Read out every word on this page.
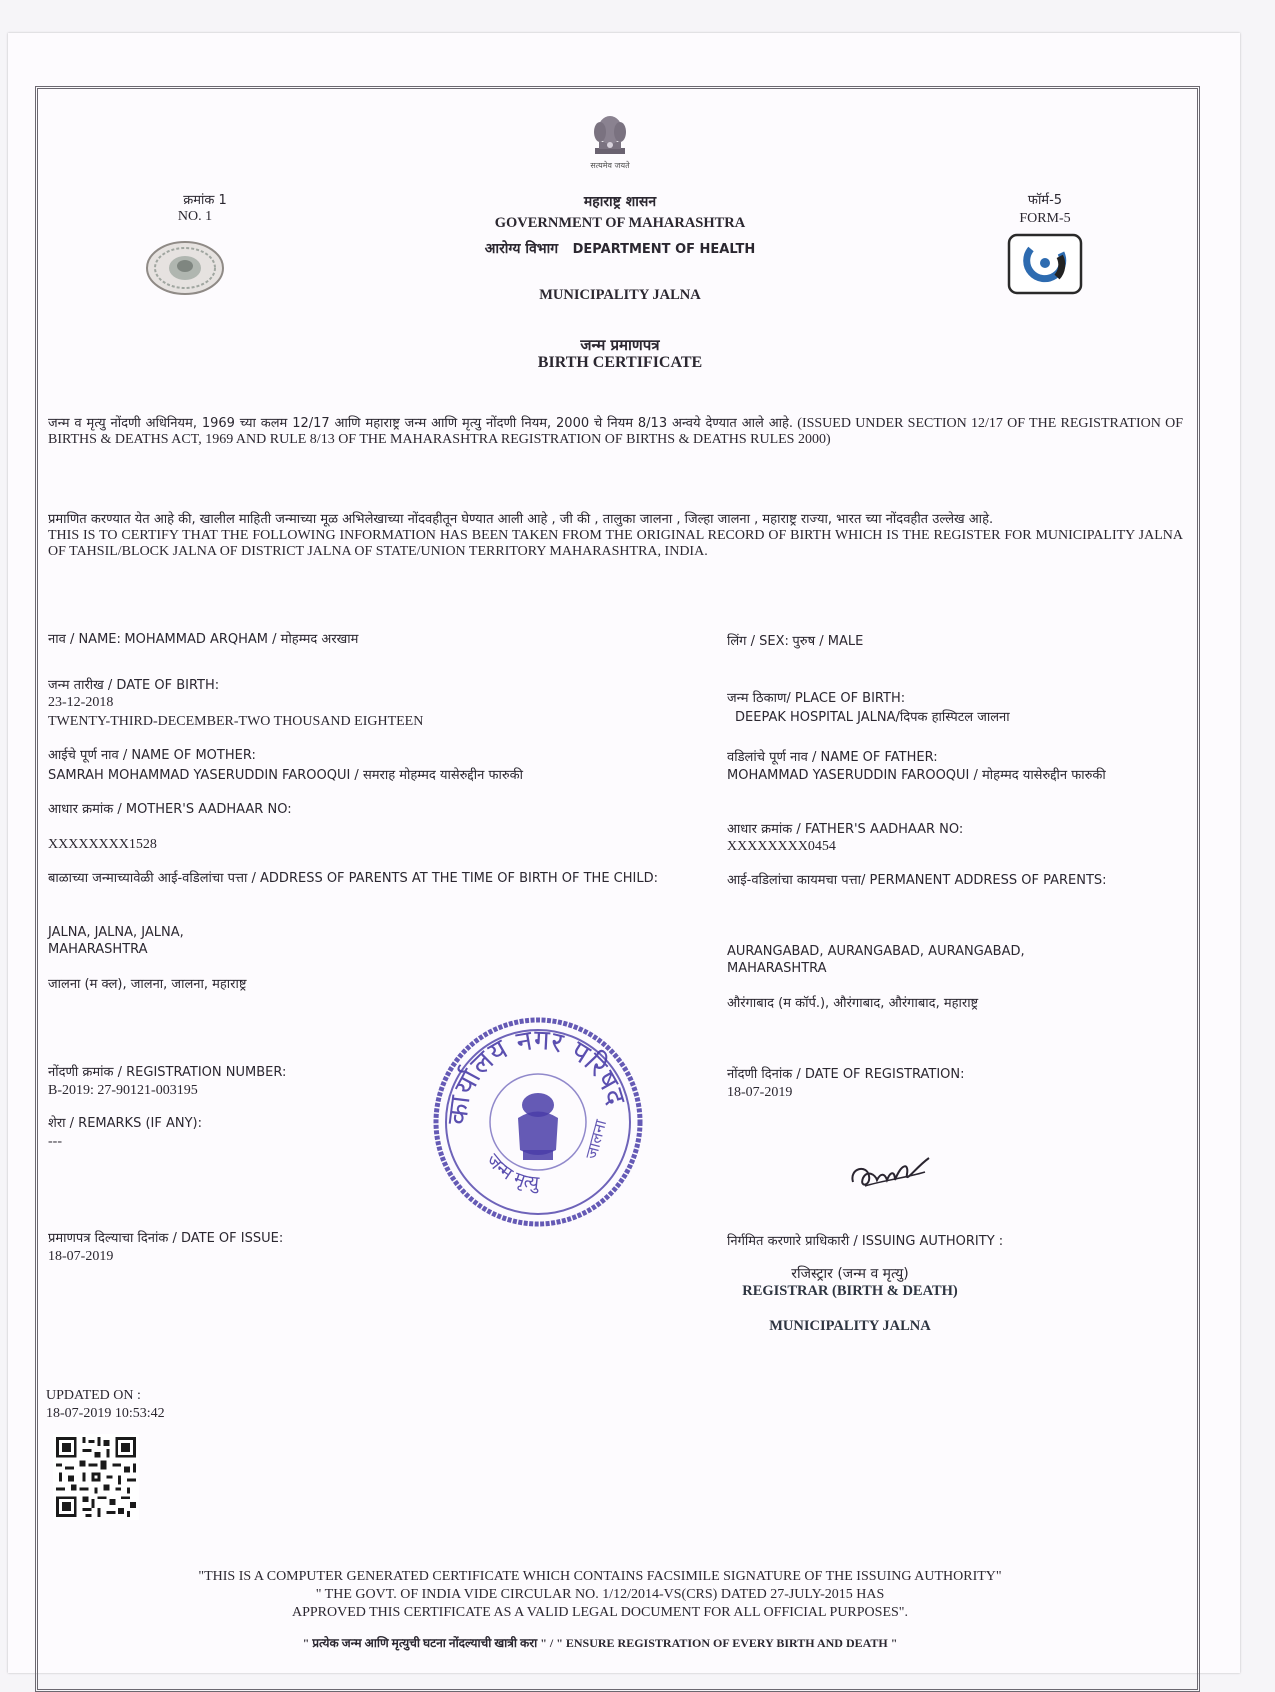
सत्यमेव जयते
क्रमांक 1
NO. 1
महाराष्ट्र शासन
GOVERNMENT OF MAHARASHTRA
आरोग्य विभाग DEPARTMENT OF HEALTH
MUNICIPALITY JALNA
जन्म प्रमाणपत्र
BIRTH CERTIFICATE
फॉर्म-5
FORM-5
जन्म व मृत्यु नोंदणी अधिनियम, 1969 च्या कलम 12/17 आणि महाराष्ट्र जन्म आणि मृत्यु नोंदणी नियम, 2000 चे नियम 8/13 अन्वये देण्यात आले आहे. (ISSUED UNDER SECTION 12/17 OF THE REGISTRATION OF BIRTHS & DEATHS ACT, 1969 AND RULE 8/13 OF THE MAHARASHTRA REGISTRATION OF BIRTHS & DEATHS RULES 2000)
प्रमाणित करण्यात येत आहे की, खालील माहिती जन्माच्या मूळ अभिलेखाच्या नोंदवहीतून घेण्यात आली आहे , जी की , तालुका जालना , जिल्हा जालना , महाराष्ट्र राज्या, भारत च्या नोंदवहीत उल्लेख आहे.
THIS IS TO CERTIFY THAT THE FOLLOWING INFORMATION HAS BEEN TAKEN FROM THE ORIGINAL RECORD OF BIRTH WHICH IS THE REGISTER FOR MUNICIPALITY JALNA OF TAHSIL/BLOCK JALNA OF DISTRICT JALNA OF STATE/UNION TERRITORY MAHARASHTRA, INDIA.
नाव / NAME: MOHAMMAD ARQHAM / मोहम्मद अरखाम
जन्म तारीख / DATE OF BIRTH:
23-12-2018
TWENTY-THIRD-DECEMBER-TWO THOUSAND EIGHTEEN
आईचे पूर्ण नाव / NAME OF MOTHER:
SAMRAH MOHAMMAD YASERUDDIN FAROOQUI / समराह मोहम्मद यासेरुद्दीन फारुकी
आधार क्रमांक / MOTHER'S AADHAAR NO:
XXXXXXXX1528
बाळाच्या जन्माच्यावेळी आई-वडिलांचा पत्ता / ADDRESS OF PARENTS AT THE TIME OF BIRTH OF THE CHILD:
JALNA, JALNA, JALNA, MAHARASHTRA
जालना (म क्ल), जालना, जालना, महाराष्ट्र
नोंदणी क्रमांक / REGISTRATION NUMBER:
B-2019: 27-90121-003195
शेरा / REMARKS (IF ANY):
---
प्रमाणपत्र दिल्याचा दिनांक / DATE OF ISSUE:
18-07-2019
लिंग / SEX: पुरुष / MALE
जन्म ठिकाण/ PLACE OF BIRTH:
DEEPAK HOSPITAL JALNA/दिपक हास्पिटल जालना
वडिलांचे पूर्ण नाव / NAME OF FATHER:
MOHAMMAD YASERUDDIN FAROOQUI / मोहम्मद यासेरुद्दीन फारुकी
आधार क्रमांक / FATHER'S AADHAAR NO:
XXXXXXXX0454
आई-वडिलांचा कायमचा पत्ता/ PERMANENT ADDRESS OF PARENTS:
AURANGABAD, AURANGABAD, AURANGABAD, MAHARASHTRA
औरंगाबाद (म कॉर्प.), औरंगाबाद, औरंगाबाद, महाराष्ट्र
नोंदणी दिनांक / DATE OF REGISTRATION:
18-07-2019
निर्गमित करणारे प्राधिकारी / ISSUING AUTHORITY :
रजिस्ट्रार (जन्म व मृत्यु)
REGISTRAR (BIRTH & DEATH)
MUNICIPALITY JALNA
कार्यालय नगर परिषद
जन्म मृत्यु
जालना
UPDATED ON :
18-07-2019 10:53:42
"THIS IS A COMPUTER GENERATED CERTIFICATE WHICH CONTAINS FACSIMILE SIGNATURE OF THE ISSUING AUTHORITY"
" THE GOVT. OF INDIA VIDE CIRCULAR NO. 1/12/2014-VS(CRS) DATED 27-JULY-2015 HAS
APPROVED THIS CERTIFICATE AS A VALID LEGAL DOCUMENT FOR ALL OFFICIAL PURPOSES".
" प्रत्येक जन्म आणि मृत्युची घटना नोंदल्याची खात्री करा " / " ENSURE REGISTRATION OF EVERY BIRTH AND DEATH "
